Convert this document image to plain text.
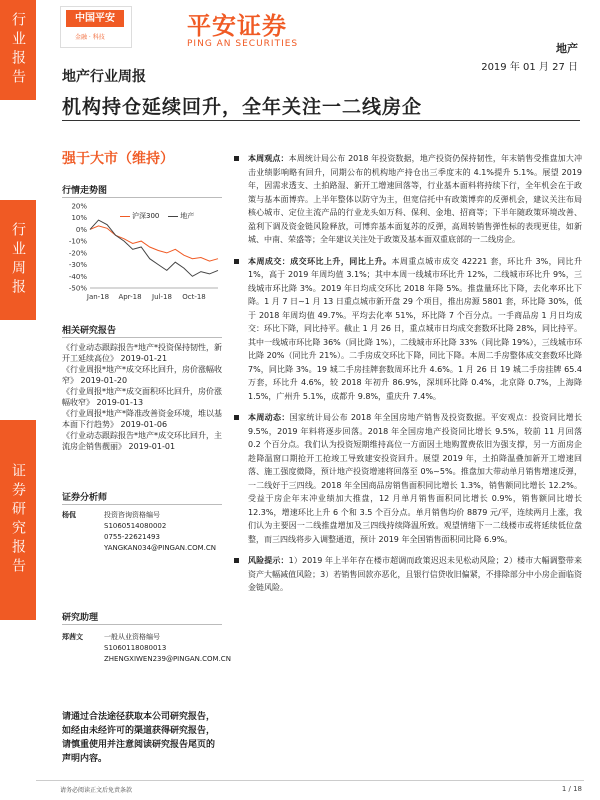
行业报告
行业周报
证券研究报告
中国平安
金融 · 科技	平安证券
PING AN SECURITIES	地产
2019 年 01 月 27 日
地产行业周报
机构持仓延续回升，全年关注一二线房企
强于大市（维持）
行情走势图
沪深300	地产
20%
10%
0%
-10%
-20%
-30%
-40%
-50%
Jan-18 Apr-18 Jul-18 Oct-18
相关研究报告
《行业动态跟踪报告*地产*投资保持韧性，新开工延续高位》 2019-01-21
《行业周报*地产*成交环比回升，房价涨幅收窄》 2019-01-20
《行业周报*地产*成交面积环比回升，房价涨幅收窄》 2019-01-13
《行业周报*地产*降准改善资金环境，堆以基本面下行趋势》 2019-01-06
《行业动态跟踪报告*地产*成交环比回升，主流房企销售靓丽》 2019-01-01
证券分析师
杨侃	投资咨询资格编号
S1060514080002
0755-22621493
YANGKAN034@PINGAN.COM.CN
研究助理
郑茜文	一般从业资格编号
S1060118080013
ZHENGXIWEN239@PINGAN.COM.CN
请通过合法途径获取本公司研究报告，如经由未经许可的渠道获得研究报告，请慎重使用并注意阅读研究报告尾页的声明内容。
本周观点：本周统计局公布 2018 年投资数据，地产投资仍保持韧性，年末销售受推盘加大冲击业绩影响略有回升，同期公布的机构地产持仓出三季度末的 4.1%提升 5.1%。展望 2019 年，因需求透支、土拍路湿、新开工增速回落等，行业基本面料将持续下行，全年机会在于政策与基本面博弈。上半年整体以防守为主，但宽信托中有政策博弈的反弹机会，建议关注布局核心城市、定位主流产品的行业龙头如万科、保利、金地、招商等；下半年随政策环境改善、盈利下调及资金链风险释放，可博弈基本面复苏的反弹，高周转销售弹性标的表现更佳，如新城、中南、荣盛等；全年建议关注处于政策及基本面双重底部的一二线房企。
本周成交：成交环比上升，同比上升。本周重点城市成交 42221 套，环比升 3%，同比升 1%，高于 2019 年周均值 3.1%；其中本周一线城市环比升 12%，二线城市环比升 9%，三线城市环比降 3%。2019 年日均成交环比 2018 年降 5%。推盘量环比下降，去化率环比下降。1 月 7 日~1 月 13 日重点城市新开盘 29 个项目，推出房源 5801 套，环比降 30%，低于 2018 年周均值 49.7%。平均去化率 51%，环比降 7 个百分点。一手商品房 1 月日均成交：环比下降，同比持平。截止 1 月 26 日，重点城市日均成交套数环比降 28%，同比持平。其中一线城市环比降 36%（同比降 1%），二线城市环比降 33%（同比降 19%），三线城市环比降 20%（同比升 21%）。二手房成交环比下降，同比下降。本周二手房整体成交套数环比降 7%，同比降 3%。19 城二手房挂牌套数周环比升 4.6%。1 月 26 日 19 城二手房挂牌 65.4 万套，环比升 4.6%，较 2018 年初升 86.9%，深圳环比降 0.4%，北京降 0.7%，上海降 1.5%，广州升 5.1%，成都升 9.8%，重庆升 7.4%。
本周动态：国家统计局公布 2018 年全国房地产销售及投资数据。平安观点：投资同比增长 9.5%，2019 年料将逐步回落。2018 年全国房地产投资同比增长 9.5%，较前 11 月回落 0.2 个百分点。我们认为投资短期维持高位一方面因土地购置费依旧为强支撑，另一方面房企趁降温窗口期抢开工抢竣工导致建安投资回升。展望 2019 年，土拍降温叠加新开工增速回落、施工强度微降，预计地产投资增速将回落至 0%~5%。推盘加大带动单月销售增速反弹，一二线好于三四线。2018 年全国商品房销售面积同比增长 1.3%，销售额同比增长 12.2%。受益于房企年末冲业绩加大推盘，12 月单月销售面积同比增长 0.9%，销售额同比增长 12.3%，增速环比上升 6 个和 3.5 个百分点。单月销售均价 8879 元/平，连续两月上涨，我们认为主要因一二线推盘增加及三四线持续降温所致。观望情绪下一二线楼市或将延续低位盘整，而三四线将步入调整通道，预计 2019 年全国销售面积同比降 6.9%。
风险提示：1）2019 年上半年存在楼市超调而政策迟迟未见松动风险；2）楼市大幅调整带来资产大幅减值风险；3）若销售回款亦恶化，且银行信贷收旧偏紧，不排除部分中小房企面临资金链风险。
请务必阅读正文后免责条款	1 / 18
